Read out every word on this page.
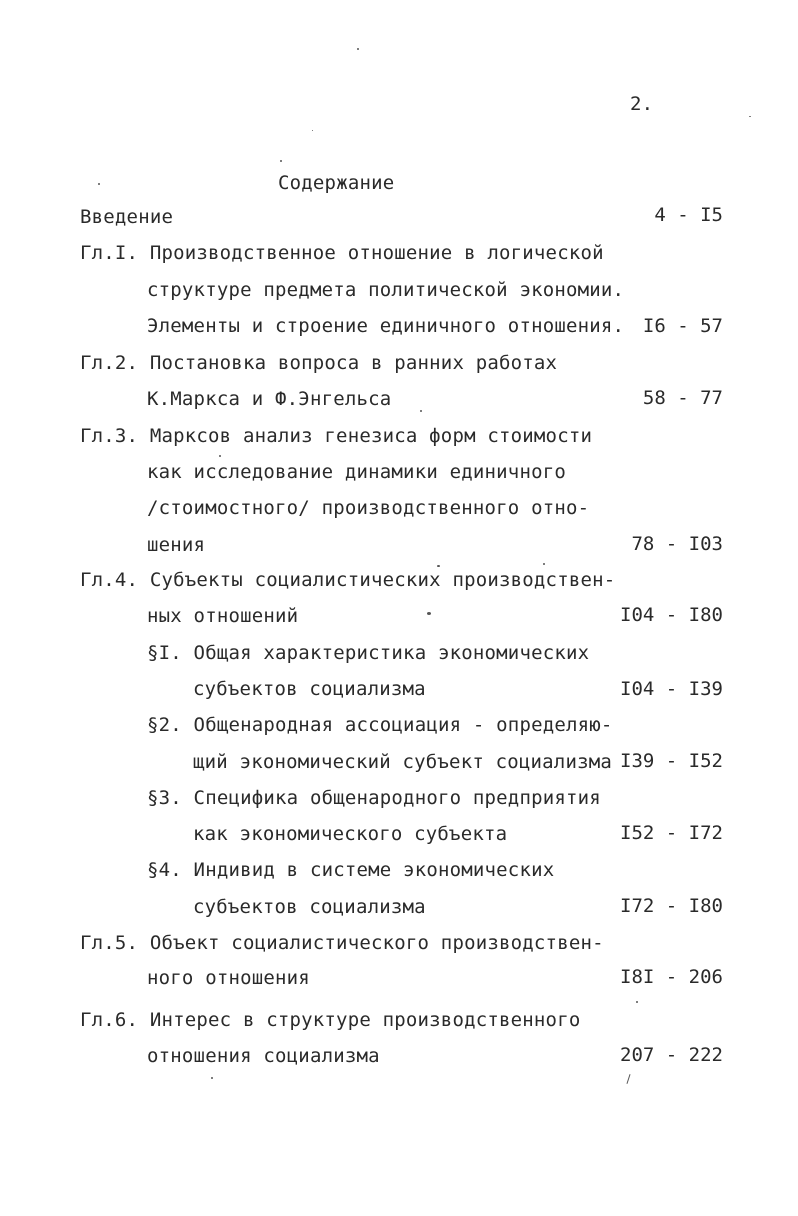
2.
Содержание
Введение	4 - I5
Гл.I. Производственное отношение в логической
структуре предмета политической экономии.
Элементы и строение единичного отношения. I6 - 57
Гл.2. Постановка вопроса в ранних работах
К.Маркса и Ф.Энгельса	58 - 77
Гл.3. Марксов анализ генезиса форм стоимости
как исследование динамики единичного
/стоимостного/ производственного отно-
шения	78 - I03
Гл.4. Субъекты социалистических производствен-
ных отношений	I04 - I80
§I. Общая характеристика экономических
субъектов социализма	I04 - I39
§2. Общенародная ассоциация - определяю-
щий экономический субъект социализма I39 - I52
§3. Специфика общенародного предприятия
как экономического субъекта	I52 - I72
§4. Индивид в системе экономических
субъектов социализма	I72 - I80
Гл.5. Объект социалистического производствен-
ного отношения	I8I - 206
Гл.6. Интерес в структуре производственного
отношения социализма	207 - 222
